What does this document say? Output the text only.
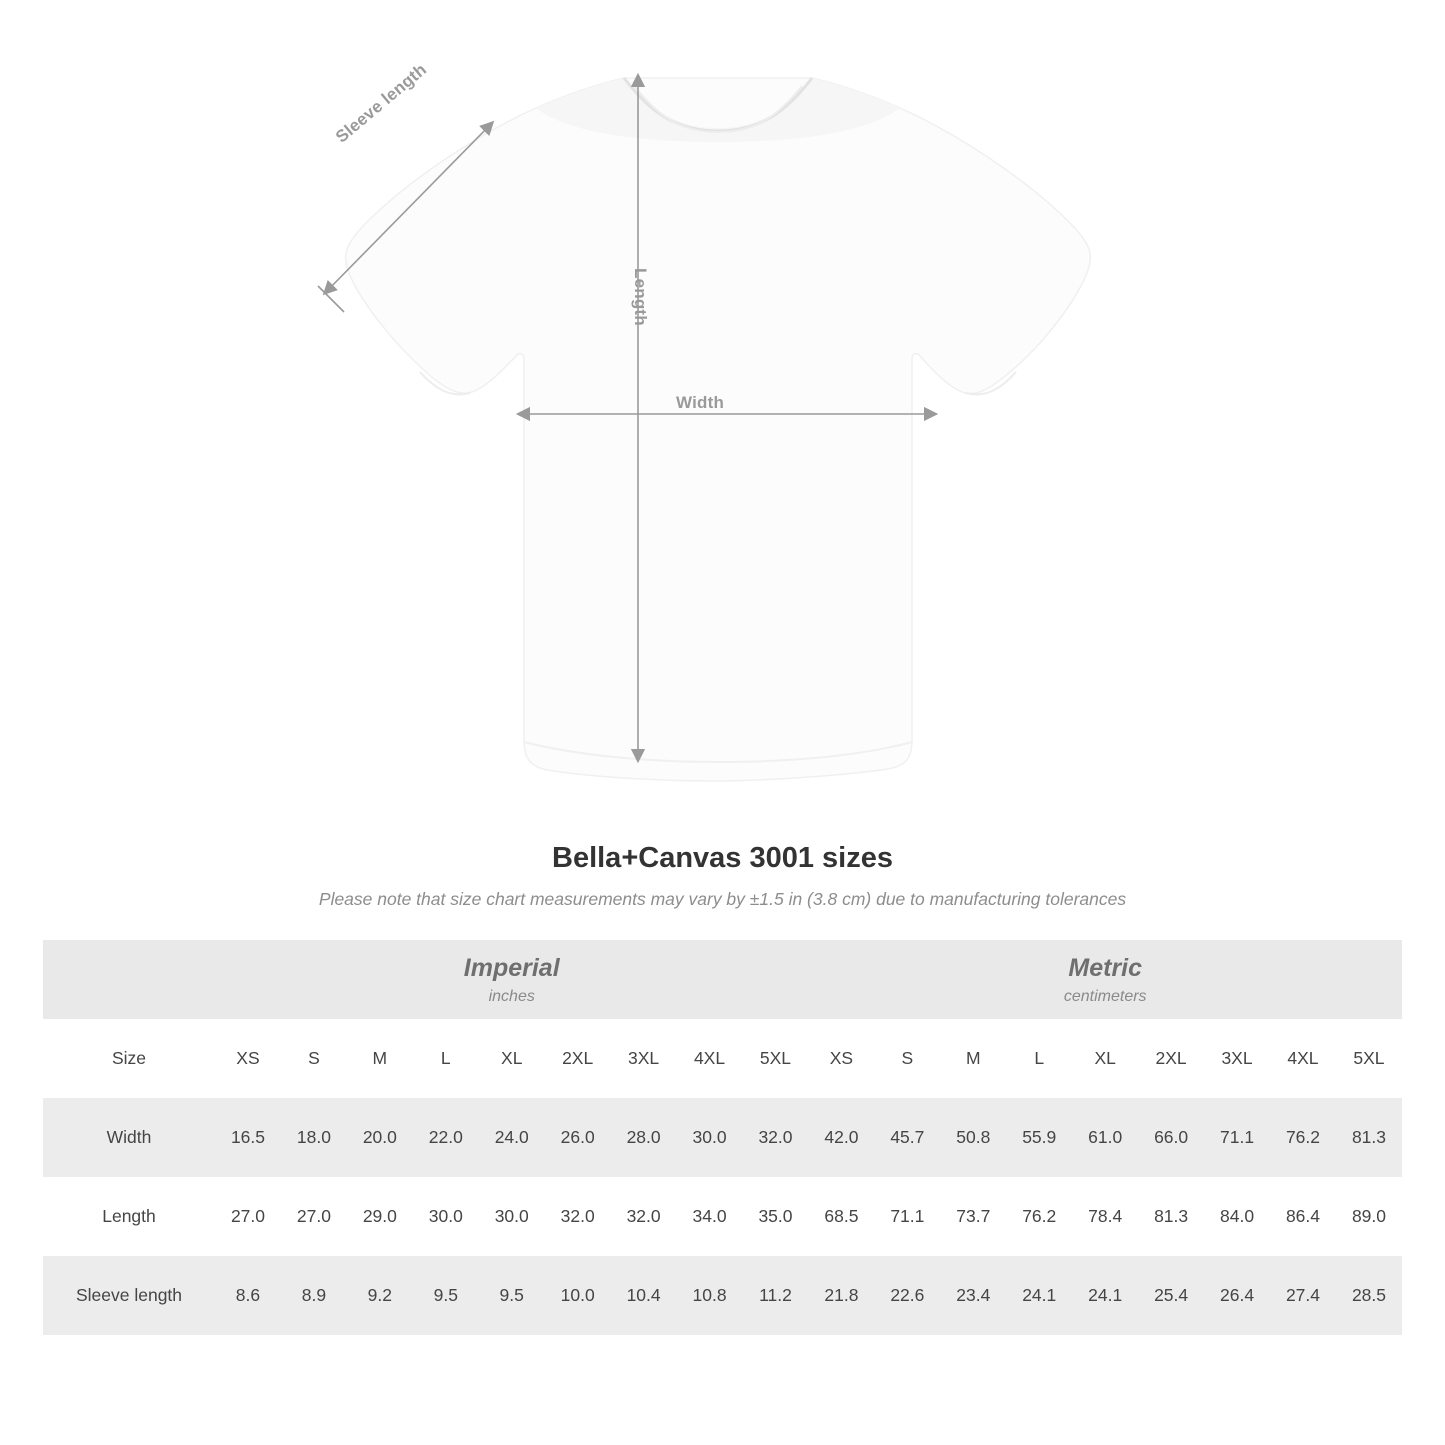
Width
Length
Sleeve length
Bella+Canvas 3001 sizes
Please note that size chart measurements may vary by ±1.5 in (3.8 cm) due to manufacturing tolerances

Imperial
inches

Metric
centimeters

Size	XS	S	M	L	XL	2XL	3XL	4XL	5XL	XS	S	M	L	XL	2XL	3XL	4XL	5XL
Width	16.5	18.0	20.0	22.0	24.0	26.0	28.0	30.0	32.0	42.0	45.7	50.8	55.9	61.0	66.0	71.1	76.2	81.3
Length	27.0	27.0	29.0	30.0	30.0	32.0	32.0	34.0	35.0	68.5	71.1	73.7	76.2	78.4	81.3	84.0	86.4	89.0
Sleeve length	8.6	8.9	9.2	9.5	9.5	10.0	10.4	10.8	11.2	21.8	22.6	23.4	24.1	24.1	25.4	26.4	27.4	28.5
